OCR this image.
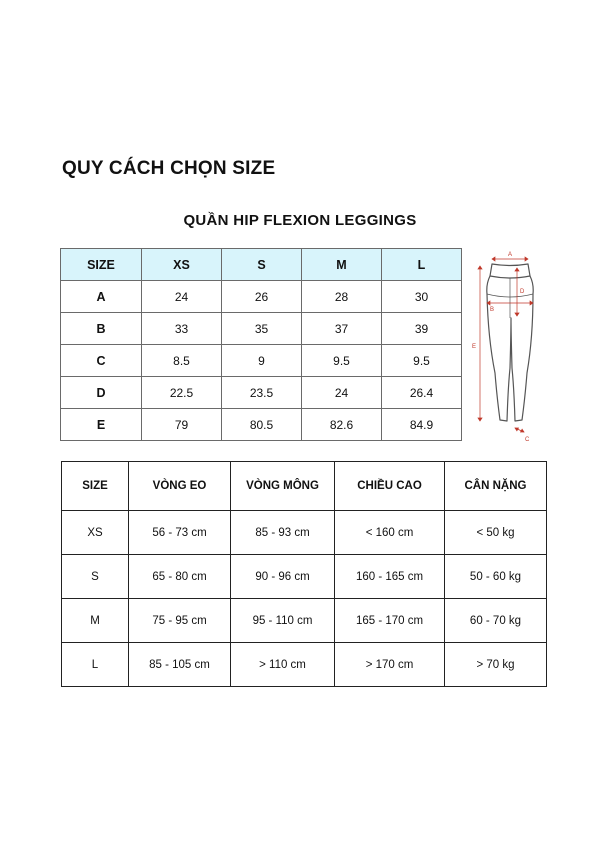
QUY CÁCH CHỌN SIZE
QUẦN HIP FLEXION LEGGINGS
SIZE	XS	S	M	L
A	24	26	28	30
B	33	35	37	39
C	8.5	9	9.5	9.5
D	22.5	23.5	24	26.4
E	79	80.5	82.6	84.9
A
B
D
E
C
SIZE	VÒNG EO	VÒNG MÔNG	CHIỀU CAO	CÂN NẶNG
XS	56 - 73 cm	85 - 93 cm	< 160 cm	< 50 kg
S	65 - 80 cm	90 - 96 cm	160 - 165 cm	50 - 60 kg
M	75 - 95 cm	95 - 110 cm	165 - 170 cm	60 - 70 kg
L	85 - 105 cm	> 110 cm	> 170 cm	> 70 kg
